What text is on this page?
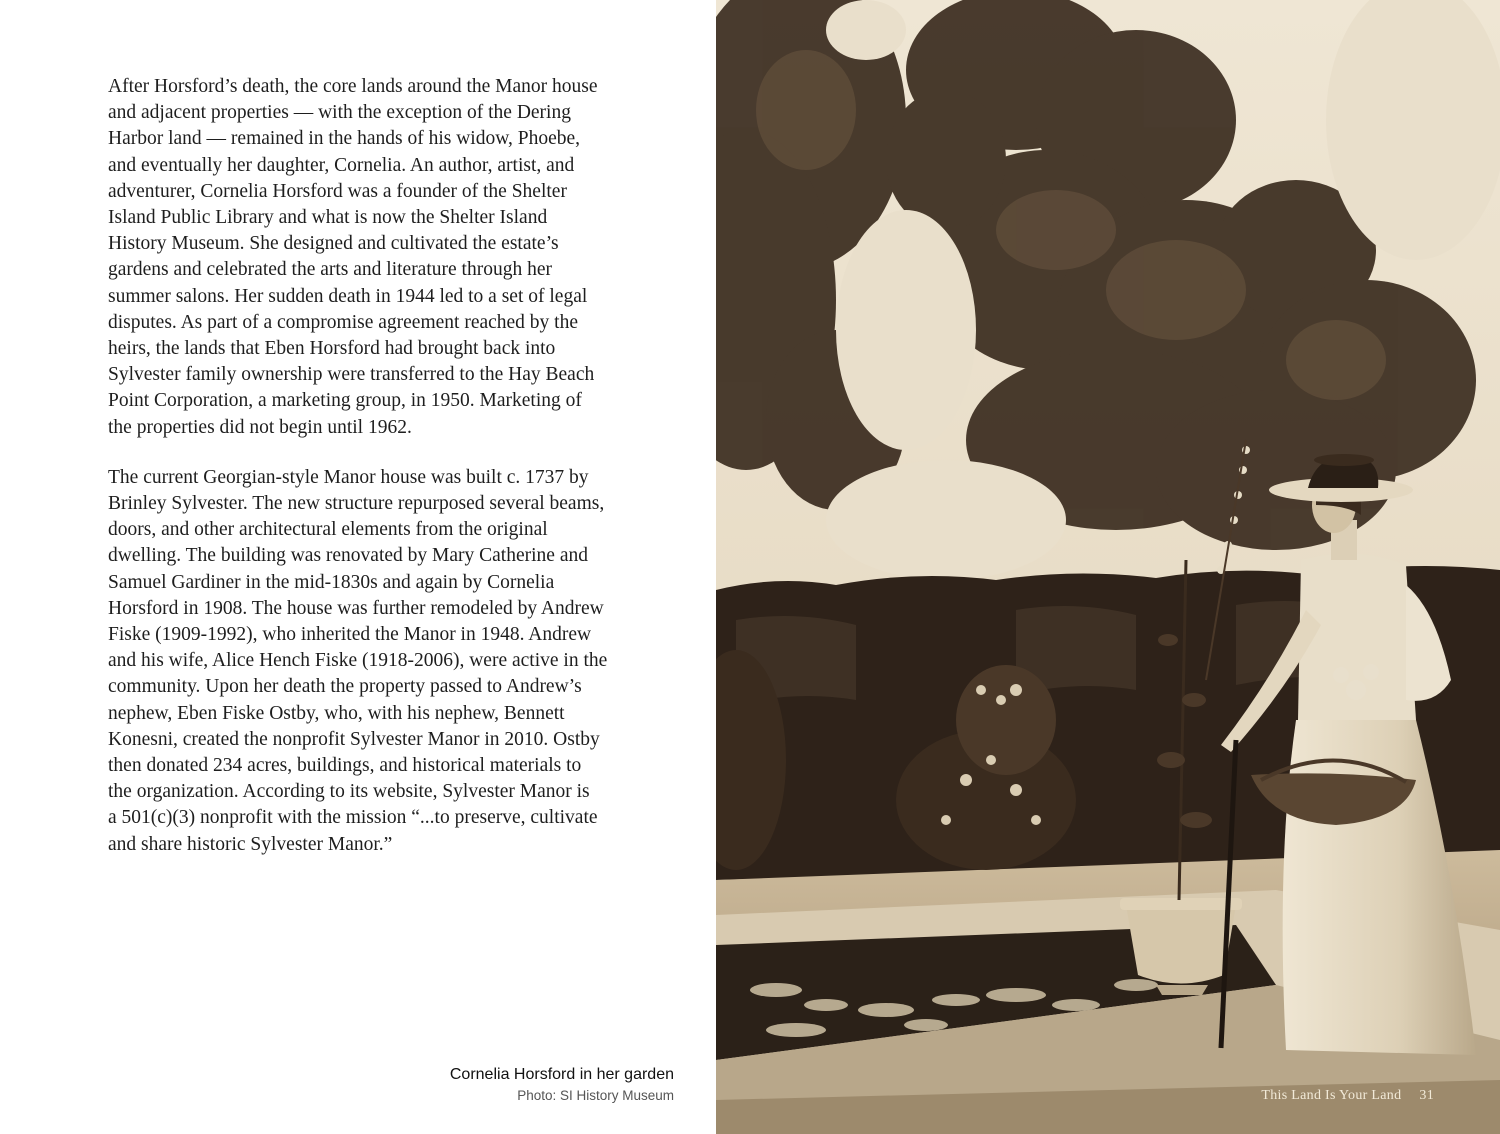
After Horsford’s death, the core lands around the Manor house
and adjacent properties — with the exception of the Dering
Harbor land — remained in the hands of his widow, Phoebe,
and eventually her daughter, Cornelia. An author, artist, and
adventurer, Cornelia Horsford was a founder of the Shelter
Island Public Library and what is now the Shelter Island
History Museum. She designed and cultivated the estate’s
gardens and celebrated the arts and literature through her
summer salons. Her sudden death in 1944 led to a set of legal
disputes. As part of a compromise agreement reached by the
heirs, the lands that Eben Horsford had brought back into
Sylvester family ownership were transferred to the Hay Beach
Point Corporation, a marketing group, in 1950. Marketing of
the properties did not begin until 1962.

The current Georgian-style Manor house was built c. 1737 by
Brinley Sylvester. The new structure repurposed several beams,
doors, and other architectural elements from the original
dwelling. The building was renovated by Mary Catherine and
Samuel Gardiner in the mid-1830s and again by Cornelia
Horsford in 1908. The house was further remodeled by Andrew
Fiske (1909-1992), who inherited the Manor in 1948. Andrew
and his wife, Alice Hench Fiske (1918-2006), were active in the
community. Upon her death the property passed to Andrew’s
nephew, Eben Fiske Ostby, who, with his nephew, Bennett
Konesni, created the nonprofit Sylvester Manor in 2010. Ostby
then donated 234 acres, buildings, and historical materials to
the organization. According to its website, Sylvester Manor is
a 501(c)(3) nonprofit with the mission “...to preserve, cultivate
and share historic Sylvester Manor.”

Cornelia Horsford in her garden
Photo: SI History Museum	This Land Is Your Land 31
